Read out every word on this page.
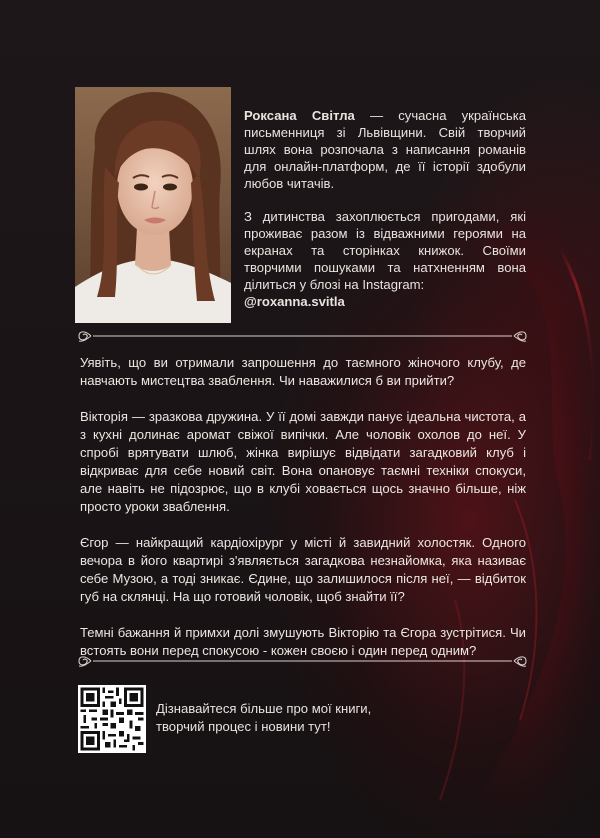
Роксана Світла — сучасна українська письменниця зі Львівщини. Свій творчий шлях вона розпочала з написання романів для онлайн-платформ, де її історії здобули любов читачів.

З дитинства захоплюється пригодами, які проживає разом із відважними героями на екранах та сторінках книжок. Своїми творчими пошуками та натхненням вона ділиться у блозі на Instagram:
@roxanna.svitla

Уявіть, що ви отримали запрошення до таємного жіночого клубу, де навчають мистецтва зваблення. Чи наважилися б ви прийти?

Вікторія — зразкова дружина. У її домі завжди панує ідеальна чистота, а з кухні долинає аромат свіжої випічки. Але чоловік охолов до неї. У спробі врятувати шлюб, жінка вирішує відвідати загадковий клуб і відкриває для себе новий світ. Вона опановує таємні техніки спокуси, але навіть не підозрює, що в клубі ховається щось значно більше, ніж просто уроки зваблення.

Єгор — найкращий кардіохірург у місті й завидний холостяк. Одного вечора в його квартирі з'являється загадкова незнайомка, яка називає себе Музою, а тоді зникає. Єдине, що залишилося після неї, — відбиток губ на склянці. На що готовий чоловік, щоб знайти її?

Темні бажання й примхи долі змушують Вікторію та Єгора зустрітися. Чи встоять вони перед спокусою - кожен своєю і один перед одним?

Дізнавайтеся більше про мої книги,
творчий процес і новини тут!
